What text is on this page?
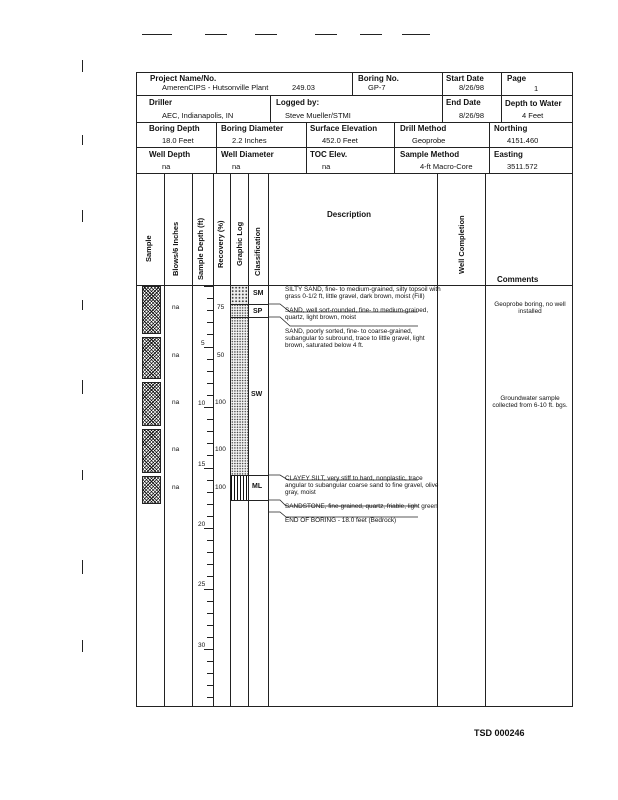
Project Name/No.
AmerenCIPS - Hutsonville Plant	249.03
Boring No.
GP-7
Start Date
8/26/98
Page
1
Driller
AEC, Indianapolis, IN
Logged by:
Steve Mueller/STMI
End Date
8/26/98
Depth to Water
4 Feet
Boring Depth
18.0 Feet
Boring Diameter
2.2 Inches
Surface Elevation
452.0 Feet
Drill Method
Geoprobe
Northing
4151.460
Well Depth
na
Well Diameter
na
TOC Elev.
na
Sample Method
4-ft Macro-Core
Easting
3511.572
Sample Blows/6 Inches Sample Depth (ft) Recovery (%) Graphic Log Classification
Description
Well Completion
Comments
na
na
na
na
na
5
10
15
20
25
30
75
50
100
100
100
SM
SP
SW
ML
SILTY SAND, fine- to medium-grained, silty topsoil with grass 0-1/2 ft, little gravel, dark brown, moist (Fill)
SAND, well sort-rounded, fine- to medium-grained, quartz, light brown, moist
SAND, poorly sorted, fine- to coarse-grained, subangular to subround, trace to little gravel, light brown, saturated below 4 ft.
CLAYEY SILT, very stiff to hard, nonplastic, trace angular to subangular coarse sand to fine gravel, olive gray, moist
SANDSTONE, fine-grained, quartz, friable, light green
END OF BORING - 18.0 feet (Bedrock)
Geoprobe boring, no well installed
Groundwater sample collected from 6-10 ft. bgs.
TSD 000246
